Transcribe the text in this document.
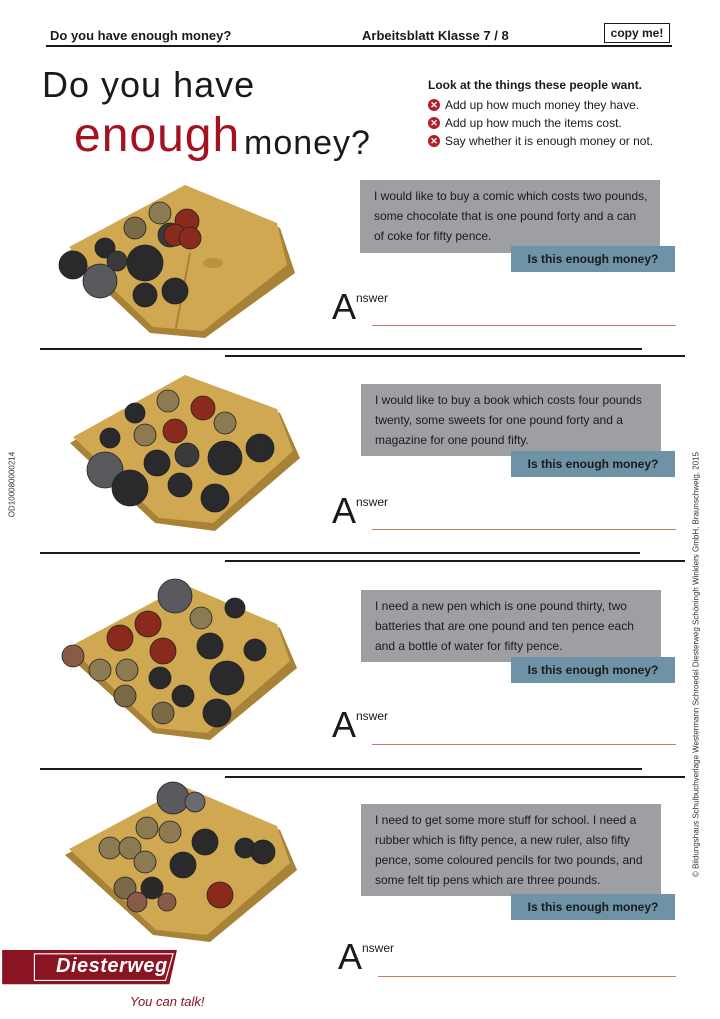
Do you have enough money?	Arbeitsblatt Klasse 7 / 8	copy me!
Do you have
enough money?
Look at the things these people want.
✕ Add up how much money they have.
✕ Add up how much the items cost.
✕ Say whether it is enough money or not.
OD100080000214	© Bildungshaus Schulbuchverlage Westermann Schroedel Diesterweg Schöningh Winklers GmbH, Braunschweig, 2015
I would like to buy a comic which costs two pounds, some chocolate that is one pound forty and a can of coke for fifty pence.
Is this enough money?
A nswer
I would like to buy a book which costs four pounds twenty, some sweets for one pound forty and a magazine for one pound fifty.
Is this enough money?
A nswer
I need a new pen which is one pound thirty, two batteries that are one pound and ten pence each and a bottle of water for fifty pence.
Is this enough money?
A nswer
I need to get some more stuff for school. I need a rubber which is fifty pence, a new ruler, also fifty pence, some coloured pencils for two pounds, and some felt tip pens which are three pounds.
Is this enough money?
A nswer
Diesterweg
You can talk!
